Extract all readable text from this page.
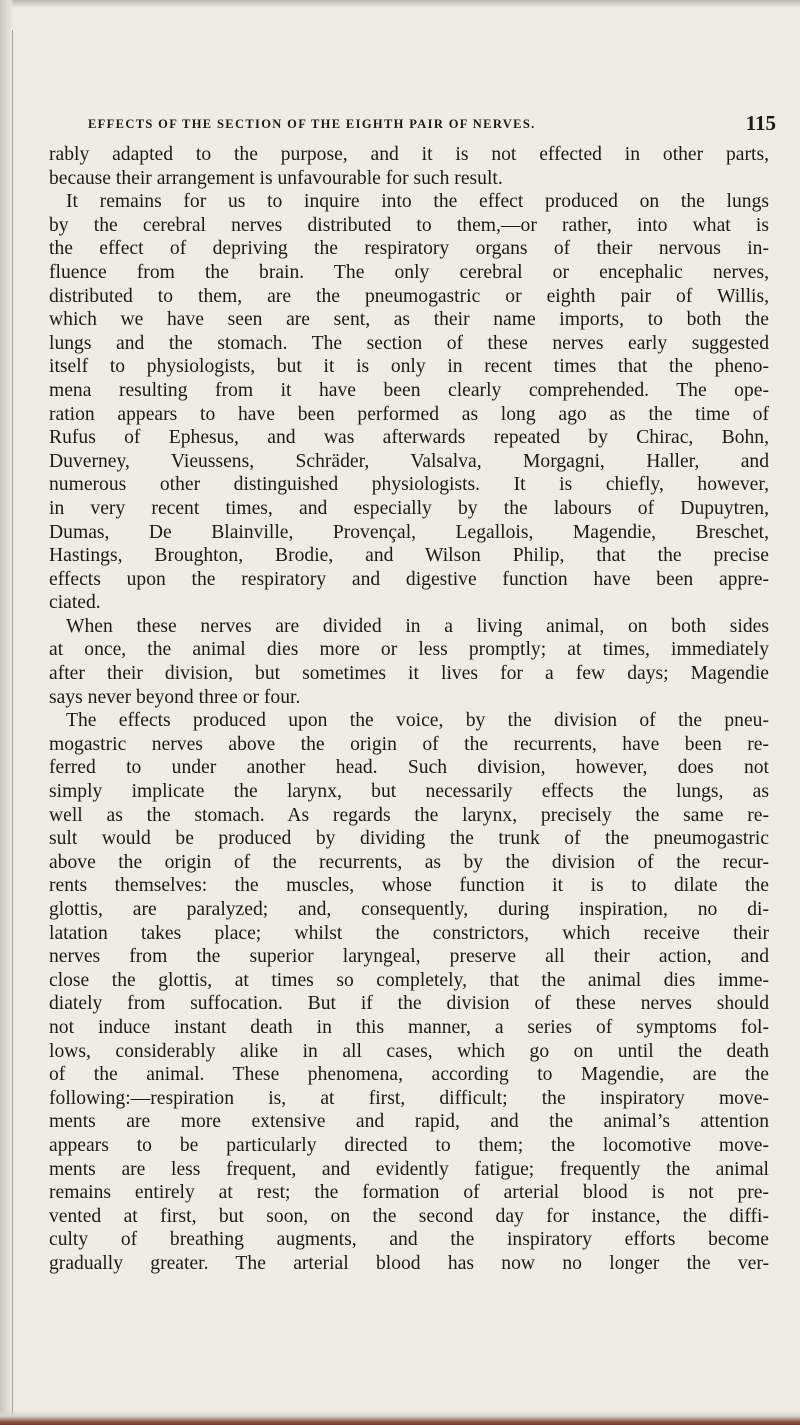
EFFECTS OF THE SECTION OF THE EIGHTH PAIR OF NERVES.	115
rably adapted to the purpose, and it is not effected in other parts,
because their arrangement is unfavourable for such result.
It remains for us to inquire into the effect produced on the lungs
by the cerebral nerves distributed to them,—or rather, into what is
the effect of depriving the respiratory organs of their nervous in-
fluence from the brain. The only cerebral or encephalic nerves,
distributed to them, are the pneumogastric or eighth pair of Willis,
which we have seen are sent, as their name imports, to both the
lungs and the stomach. The section of these nerves early suggested
itself to physiologists, but it is only in recent times that the pheno-
mena resulting from it have been clearly comprehended. The ope-
ration appears to have been performed as long ago as the time of
Rufus of Ephesus, and was afterwards repeated by Chirac, Bohn,
Duverney, Vieussens, Schräder, Valsalva, Morgagni, Haller, and
numerous other distinguished physiologists. It is chiefly, however,
in very recent times, and especially by the labours of Dupuytren,
Dumas, De Blainville, Provençal, Legallois, Magendie, Breschet,
Hastings, Broughton, Brodie, and Wilson Philip, that the precise
effects upon the respiratory and digestive function have been appre-
ciated.
When these nerves are divided in a living animal, on both sides
at once, the animal dies more or less promptly; at times, immediately
after their division, but sometimes it lives for a few days; Magendie
says never beyond three or four.
The effects produced upon the voice, by the division of the pneu-
mogastric nerves above the origin of the recurrents, have been re-
ferred to under another head. Such division, however, does not
simply implicate the larynx, but necessarily effects the lungs, as
well as the stomach. As regards the larynx, precisely the same re-
sult would be produced by dividing the trunk of the pneumogastric
above the origin of the recurrents, as by the division of the recur-
rents themselves: the muscles, whose function it is to dilate the
glottis, are paralyzed; and, consequently, during inspiration, no di-
latation takes place; whilst the constrictors, which receive their
nerves from the superior laryngeal, preserve all their action, and
close the glottis, at times so completely, that the animal dies imme-
diately from suffocation. But if the division of these nerves should
not induce instant death in this manner, a series of symptoms fol-
lows, considerably alike in all cases, which go on until the death
of the animal. These phenomena, according to Magendie, are the
following:—respiration is, at first, difficult; the inspiratory move-
ments are more extensive and rapid, and the animal’s attention
appears to be particularly directed to them; the locomotive move-
ments are less frequent, and evidently fatigue; frequently the animal
remains entirely at rest; the formation of arterial blood is not pre-
vented at first, but soon, on the second day for instance, the diffi-
culty of breathing augments, and the inspiratory efforts become
gradually greater. The arterial blood has now no longer the ver-
